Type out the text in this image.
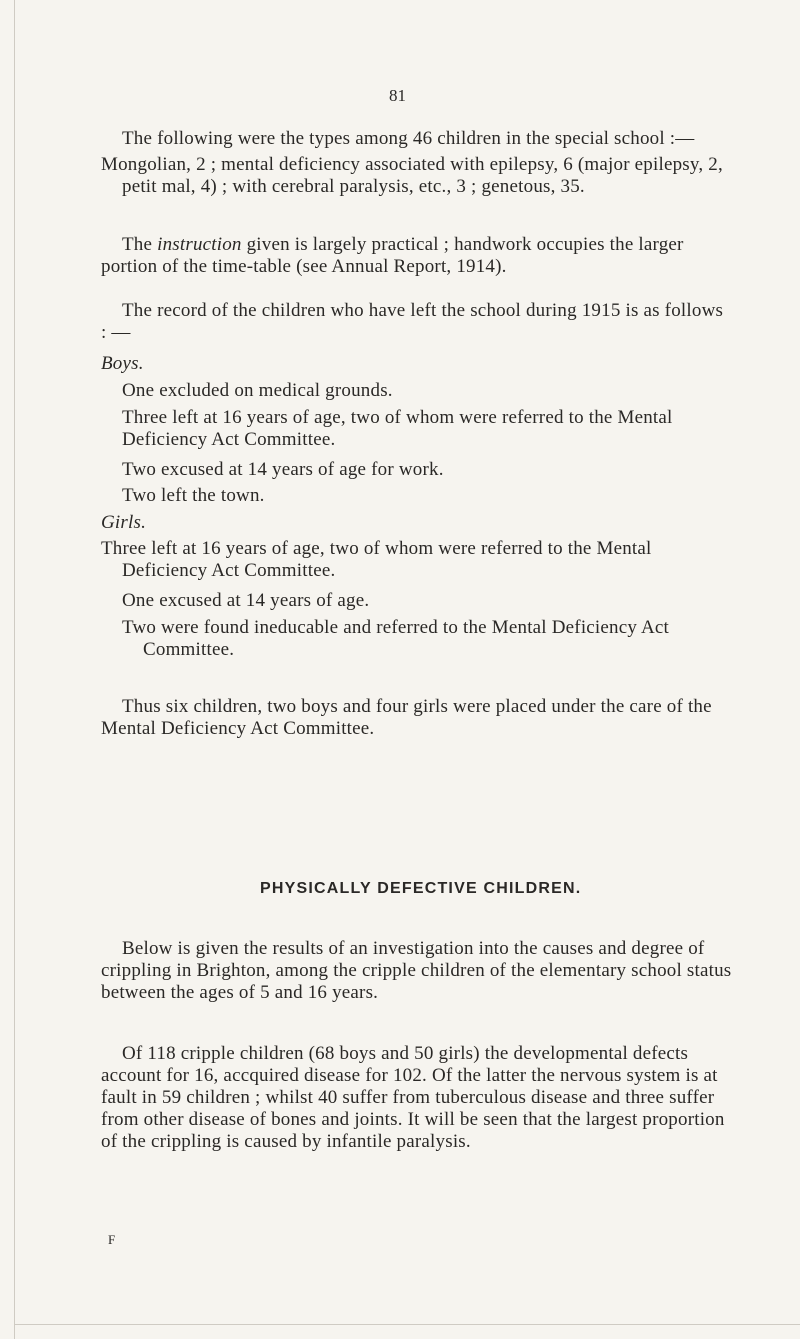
81

The following were the types among 46 children in the special school :—

Mongolian, 2 ; mental deficiency associated with epilepsy, 6 (major epilepsy, 2, petit mal, 4) ; with cerebral paralysis, etc., 3 ; genetous, 35.

The instruction given is largely practical ; handwork occupies the larger portion of the time-table (see Annual Report, 1914).

The record of the children who have left the school during 1915 is as follows : —

Boys.

One excluded on medical grounds.

Three left at 16 years of age, two of whom were referred to the Mental Deficiency Act Committee.

Two excused at 14 years of age for work.

Two left the town.

Girls.

Three left at 16 years of age, two of whom were referred to the Mental Deficiency Act Committee.

One excused at 14 years of age.

Two were found ineducable and referred to the Mental Deficiency Act Committee.

Thus six children, two boys and four girls were placed under the care of the Mental Deficiency Act Committee.

PHYSICALLY DEFECTIVE CHILDREN.

Below is given the results of an investigation into the causes and degree of crippling in Brighton, among the cripple children of the elementary school status between the ages of 5 and 16 years.

Of 118 cripple children (68 boys and 50 girls) the developmental defects account for 16, accquired disease for 102. Of the latter the nervous system is at fault in 59 children ; whilst 40 suffer from tuberculous disease and three suffer from other disease of bones and joints. It will be seen that the largest proportion of the crippling is caused by infantile paralysis.

F
